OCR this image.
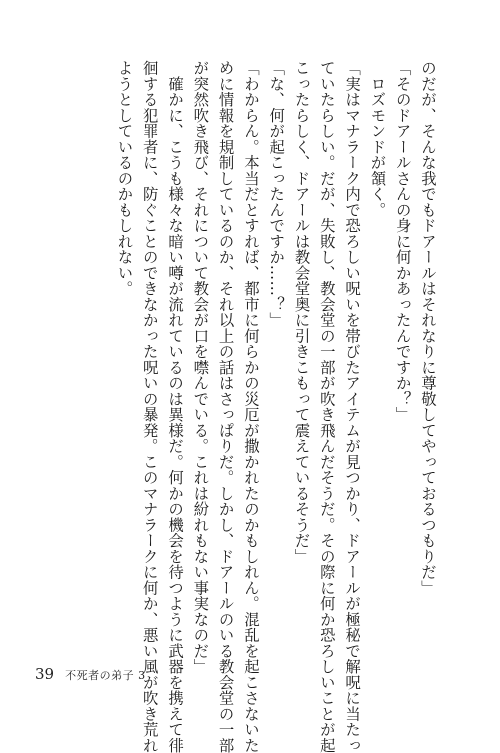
のだが、そんな我でもドアールはそれなりに尊敬してやっておるつもりだ」
「そのドアールさんの身に何かあったんですか？」
　ロズモンドが頷く。
「実はマナラーク内で恐ろしい呪いを帯びたアイテムが見つかり、ドアールが極秘で解呪に当たっ
ていたらしい。だが、失敗し、教会堂の一部が吹き飛んだそうだ。その際に何か恐ろしいことが起
こったらしく、ドアールは教会堂奥に引きこもって震えているそうだ」
「な、何が起こったんですか……？」
「わからん。本当だとすれば、都市に何らかの災厄が撒かれたのかもしれん。混乱を起こさないた
めに情報を規制しているのか、それ以上の話はさっぱりだ。しかし、ドアールのいる教会堂の一部
が突然吹き飛び、それについて教会が口を噤んでいる。これは紛れもない事実なのだ」
　確かに、こうも様々な暗い噂が流れているのは異様だ。何かの機会を待つように武器を携えて徘
徊する犯罪者に、防ぐことのできなかった呪いの暴発。このマナラークに何か、悪い風が吹き荒れ
ようとしているのかもしれない。
39 不死者の弟子 3
